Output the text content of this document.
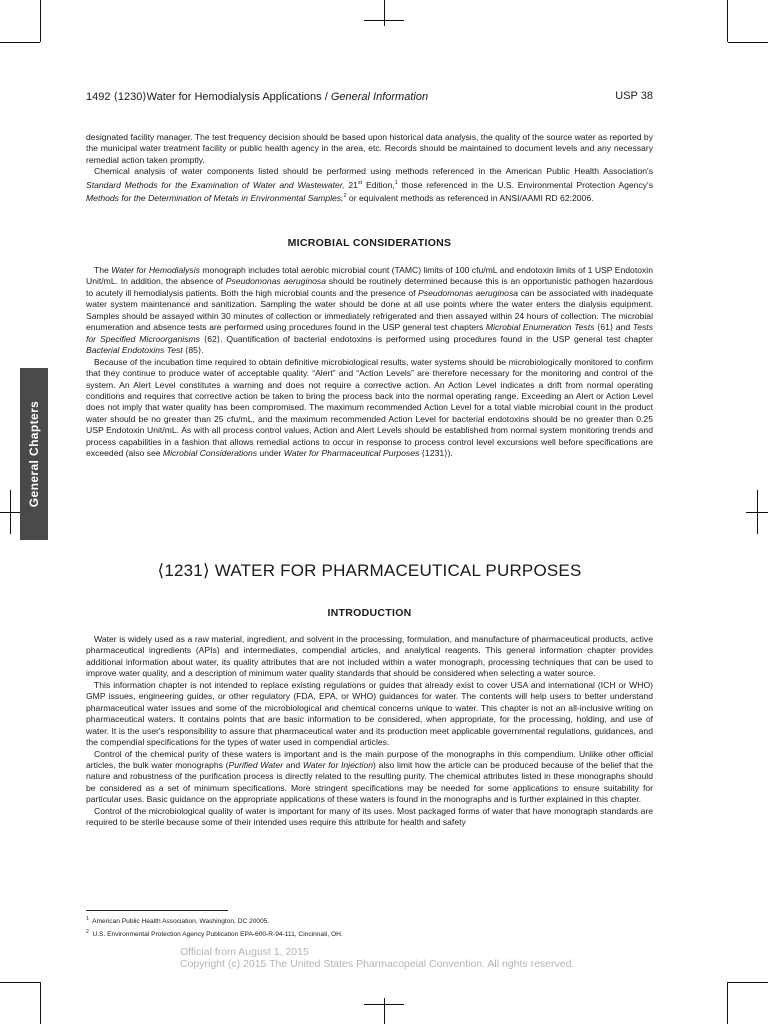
1492 ⟨1230⟩Water for Hemodialysis Applications / General Information	USP 38
General Chapters

designated facility manager. The test frequency decision should be based upon historical data analysis, the quality of the source water as reported by the municipal water treatment facility or public health agency in the area, etc. Records should be maintained to document levels and any necessary remedial action taken promptly.

Chemical analysis of water components listed should be performed using methods referenced in the American Public Health Association's Standard Methods for the Examination of Water and Wastewater, 21st Edition,$^1$ those referenced in the U.S. Environmental Protection Agency's Methods for the Determination of Metals in Environmental Samples,$^2$ or equivalent methods as referenced in ANSI/AAMI RD 62:2006.

MICROBIAL CONSIDERATIONS

The Water for Hemodialysis monograph includes total aerobic microbial count (TAMC) limits of 100 cfu/mL and endotoxin limits of 1 USP Endotoxin Unit/mL. In addition, the absence of Pseudomonas aeruginosa should be routinely determined because this is an opportunistic pathogen hazardous to acutely ill hemodialysis patients. Both the high microbial counts and the presence of Pseudomonas aeruginosa can be associated with inadequate water system maintenance and sanitization. Sampling the water should be done at all use points where the water enters the dialysis equipment. Samples should be assayed within 30 minutes of collection or immediately refrigerated and then assayed within 24 hours of collection. The microbial enumeration and absence tests are performed using procedures found in the USP general test chapters Microbial Enumeration Tests ⟨61⟩ and Tests for Specified Microorganisms ⟨62⟩. Quantification of bacterial endotoxins is performed using procedures found in the USP general test chapter Bacterial Endotoxins Test ⟨85⟩.

Because of the incubation time required to obtain definitive microbiological results, water systems should be microbiologically monitored to confirm that they continue to produce water of acceptable quality. “Alert” and “Action Levels” are therefore necessary for the monitoring and control of the system. An Alert Level constitutes a warning and does not require a corrective action. An Action Level indicates a drift from normal operating conditions and requires that corrective action be taken to bring the process back into the normal operating range. Exceeding an Alert or Action Level does not imply that water quality has been compromised. The maximum recommended Action Level for a total viable microbial count in the product water should be no greater than 25 cfu/mL, and the maximum recommended Action Level for bacterial endotoxins should be no greater than 0.25 USP Endotoxin Unit/mL. As with all process control values, Action and Alert Levels should be established from normal system monitoring trends and process capabilities in a fashion that allows remedial actions to occur in response to process control level excursions well before specifications are exceeded (also see Microbial Considerations under Water for Pharmaceutical Purposes ⟨1231⟩).

⟨1231⟩ WATER FOR PHARMACEUTICAL PURPOSES
INTRODUCTION

Water is widely used as a raw material, ingredient, and solvent in the processing, formulation, and manufacture of pharmaceutical products, active pharmaceutical ingredients (APIs) and intermediates, compendial articles, and analytical reagents. This general information chapter provides additional information about water, its quality attributes that are not included within a water monograph, processing techniques that can be used to improve water quality, and a description of minimum water quality standards that should be considered when selecting a water source.

This information chapter is not intended to replace existing regulations or guides that already exist to cover USA and international (ICH or WHO) GMP issues, engineering guides, or other regulatory (FDA, EPA, or WHO) guidances for water. The contents will help users to better understand pharmaceutical water issues and some of the microbiological and chemical concerns unique to water. This chapter is not an all-inclusive writing on pharmaceutical waters. It contains points that are basic information to be considered, when appropriate, for the processing, holding, and use of water. It is the user's responsibility to assure that pharmaceutical water and its production meet applicable governmental regulations, guidances, and the compendial specifications for the types of water used in compendial articles.

Control of the chemical purity of these waters is important and is the main purpose of the monographs in this compendium. Unlike other official articles, the bulk water monographs (Purified Water and Water for Injection) also limit how the article can be produced because of the belief that the nature and robustness of the purification process is directly related to the resulting purity. The chemical attributes listed in these monographs should be considered as a set of minimum specifications. More stringent specifications may be needed for some applications to ensure suitability for particular uses. Basic guidance on the appropriate applications of these waters is found in the monographs and is further explained in this chapter.

Control of the microbiological quality of water is important for many of its uses. Most packaged forms of water that have monograph standards are required to be sterile because some of their intended uses require this attribute for health and safety

$^1$ American Public Health Association, Washington, DC 20005.
$^2$ U.S. Environmental Protection Agency Publication EPA-600-R-94-111, Cincinnati, OH.
Official from August 1, 2015
Copyright (c) 2015 The United States Pharmacopeial Convention. All rights reserved.
